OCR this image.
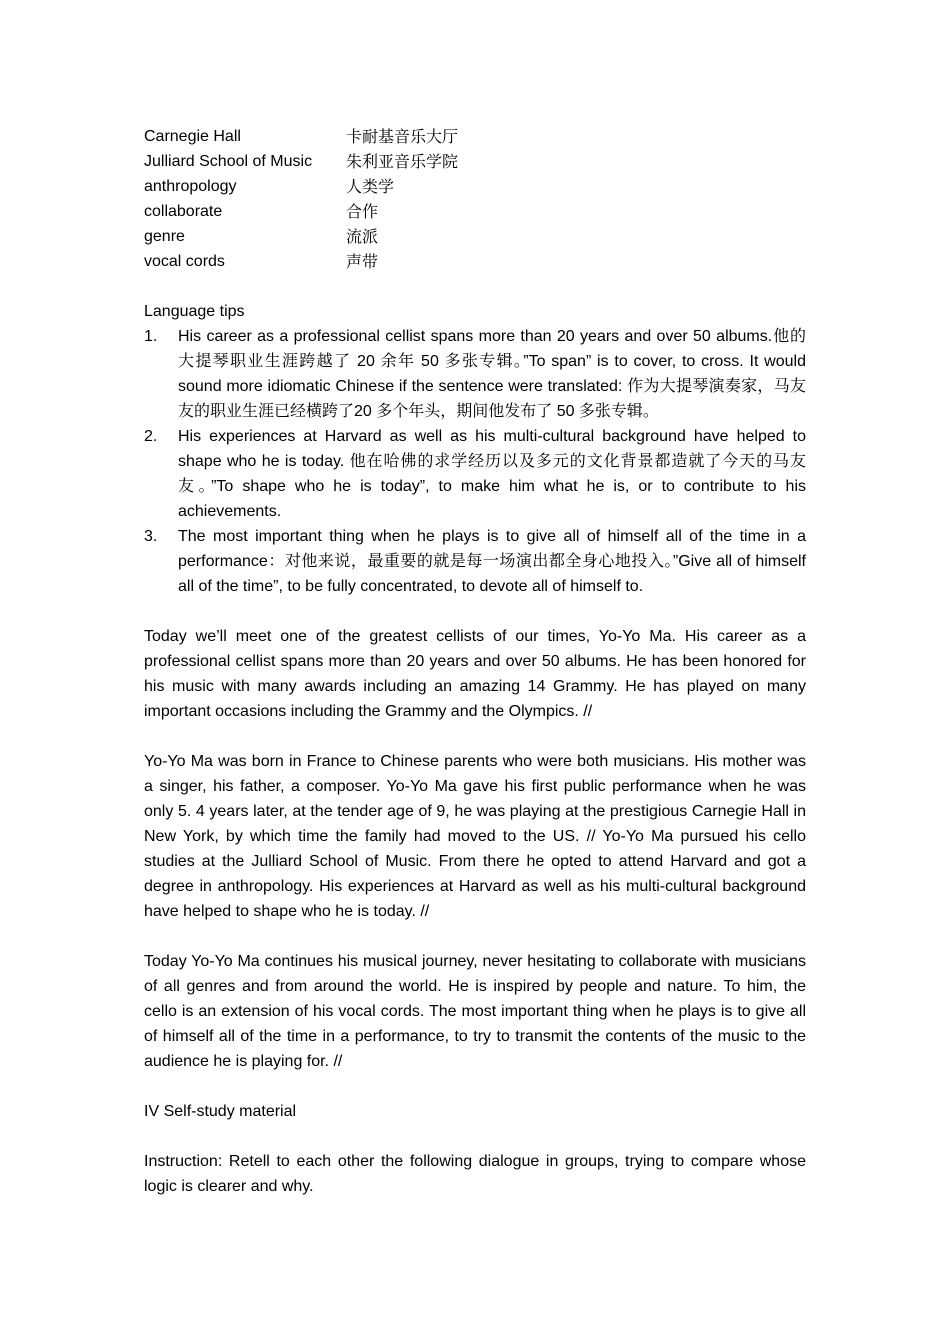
Carnegie Hall	卡耐基音乐大厅
Julliard School of Music	朱利亚音乐学院
anthropology	人类学
collaborate	合作
genre	流派
vocal cords	声带
Language tips
1.	His career as a professional cellist spans more than 20 years and over 50 albums.他的大提琴职业生涯跨越了 20 余年 50 多张专辑。”To span” is to cover, to cross. It would sound more idiomatic Chinese if the sentence were translated: 作为大提琴演奏家，马友友的职业生涯已经横跨了20 多个年头，期间他发布了 50 多张专辑。
2.	His experiences at Harvard as well as his multi-cultural background have helped to shape who he is today. 他在哈佛的求学经历以及多元的文化背景都造就了今天的马友友。”To shape who he is today”, to make him what he is, or to contribute to his achievements.
3.	The most important thing when he plays is to give all of himself all of the time in a performance：对他来说，最重要的就是每一场演出都全身心地投入。”Give all of himself all of the time”, to be fully concentrated, to devote all of himself to.

Today we’ll meet one of the greatest cellists of our times, Yo-Yo Ma. His career as a professional cellist spans more than 20 years and over 50 albums. He has been honored for his music with many awards including an amazing 14 Grammy. He has played on many important occasions including the Grammy and the Olympics. //

Yo-Yo Ma was born in France to Chinese parents who were both musicians. His mother was a singer, his father, a composer. Yo-Yo Ma gave his first public performance when he was only 5. 4 years later, at the tender age of 9, he was playing at the prestigious Carnegie Hall in New York, by which time the family had moved to the US. // Yo-Yo Ma pursued his cello studies at the Julliard School of Music. From there he opted to attend Harvard and got a degree in anthropology. His experiences at Harvard as well as his multi-cultural background have helped to shape who he is today. //

Today Yo-Yo Ma continues his musical journey, never hesitating to collaborate with musicians of all genres and from around the world. He is inspired by people and nature. To him, the cello is an extension of his vocal cords. The most important thing when he plays is to give all of himself all of the time in a performance, to try to transmit the contents of the music to the audience he is playing for. //

IV Self-study material

Instruction: Retell to each other the following dialogue in groups, trying to compare whose logic is clearer and why.
